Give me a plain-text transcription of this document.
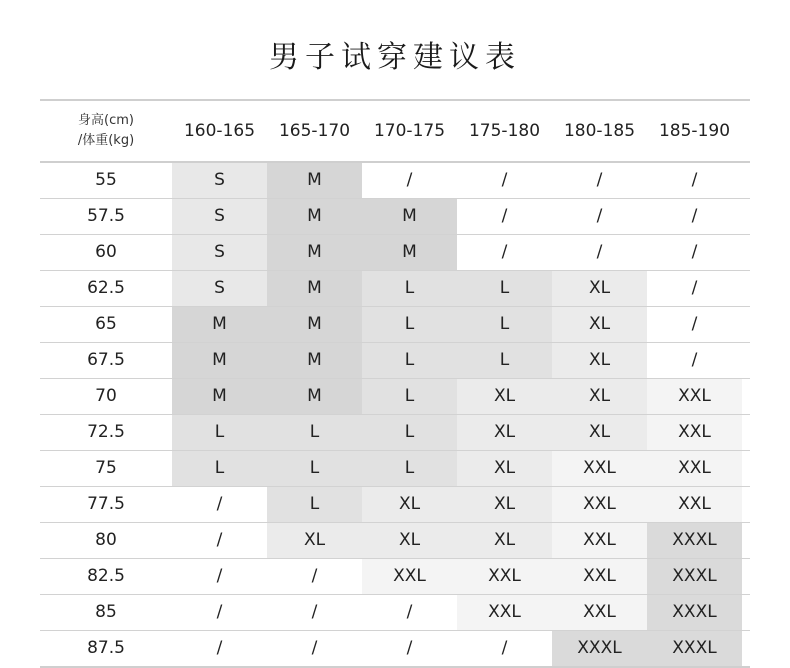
男子试穿建议表
身高(cm)
/体重(kg)	160-165	165-170	170-175	175-180	180-185	185-190
55	S	M	/	/	/	/
57.5	S	M	M	/	/	/
60	S	M	M	/	/	/
62.5	S	M	L	L	XL	/
65	M	M	L	L	XL	/
67.5	M	M	L	L	XL	/
70	M	M	L	XL	XL	XXL
72.5	L	L	L	XL	XL	XXL
75	L	L	L	XL	XXL	XXL
77.5	/	L	XL	XL	XXL	XXL
80	/	XL	XL	XL	XXL	XXXL
82.5	/	/	XXL	XXL	XXL	XXXL
85	/	/	/	XXL	XXL	XXXL
87.5	/	/	/	/	XXXL	XXXL
